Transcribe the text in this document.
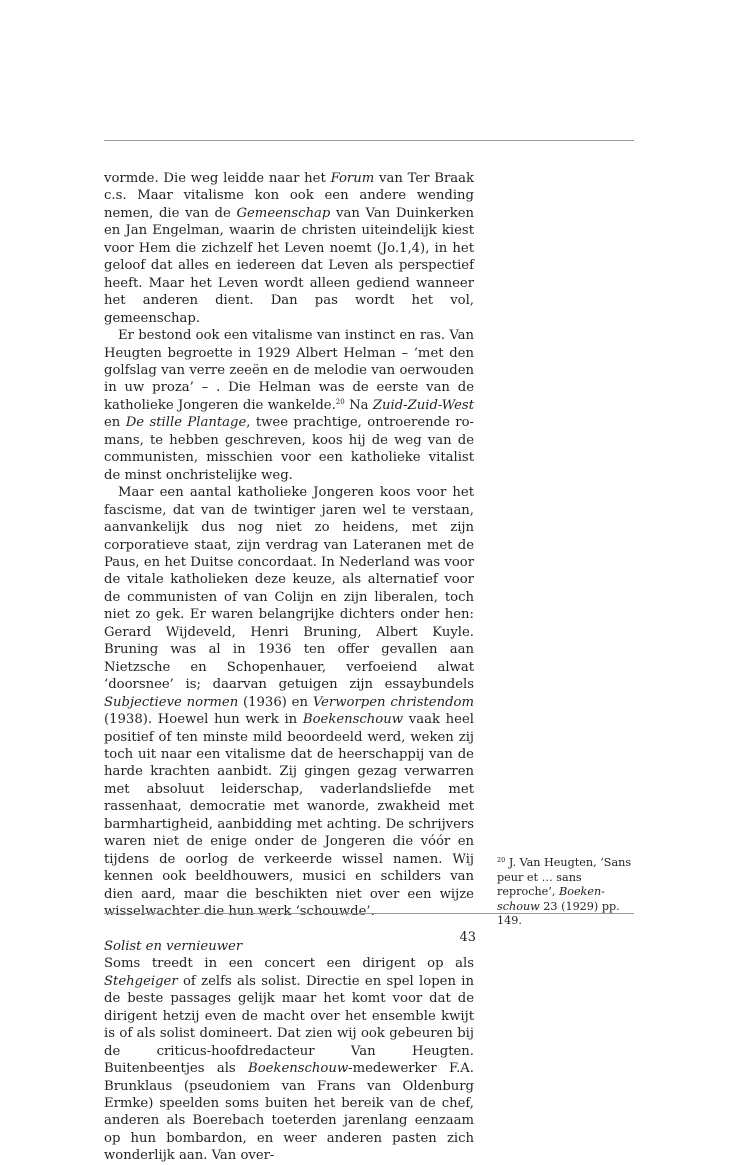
vormde. Die weg leidde naar het Forum van Ter Braak c.s. Maar vitalisme kon ook een andere wending nemen, die van de Gemeenschap van Van Duinkerken en Jan Engelman, waarin de christen uiteindelijk kiest voor Hem die zichzelf het Leven noemt (Jo.1,4), in het geloof dat alles en iedereen dat Leven als perspectief heeft. Maar het Leven wordt alleen gediend wanneer het anderen dient. Dan pas wordt het vol, gemeenschap.

Er bestond ook een vitalisme van instinct en ras. Van Heugten begroette in 1929 Albert Helman – ‘met den golfslag van verre zeeën en de melodie van oerwouden in uw proza’ – . Die Helman was de eerste van de katholieke Jongeren die wankelde.$^{20}$ Na Zuid-Zuid-West en De stille Plantage, twee prachtige, ontroerende romans, te hebben geschreven, koos hij de weg van de communisten, misschien voor een katholieke vitalist de minst onchristelijke weg.

Maar een aantal katholieke Jongeren koos voor het fascisme, dat van de twintiger jaren wel te verstaan, aanvankelijk dus nog niet zo heidens, met zijn corporatieve staat, zijn verdrag van Lateranen met de Paus, en het Duitse concordaat. In Nederland was voor de vitale katholieken deze keuze, als alternatief voor de communisten of van Colijn en zijn liberalen, toch niet zo gek. Er waren belangrijke dichters onder hen: Gerard Wijdeveld, Henri Bruning, Albert Kuyle. Bruning was al in 1936 ten offer gevallen aan Nietzsche en Schopenhauer, verfoeiend alwat ‘doorsnee’ is; daarvan getuigen zijn essaybundels Subjectieve normen (1936) en Verworpen christendom (1938). Hoewel hun werk in Boekenschouw vaak heel positief of ten minste mild beoordeeld werd, weken zij toch uit naar een vitalisme dat de heerschappij van de harde krachten aanbidt. Zij gingen gezag verwarren met absoluut leiderschap, vaderlandsliefde met rassenhaat, democratie met wanorde, zwakheid met barmhartigheid, aanbidding met achting. De schrijvers waren niet de enige onder de Jongeren die vóór en tijdens de oorlog de verkeerde wissel namen. Wij kennen ook beeldhouwers, musici en schilders van dien aard, maar die beschikten niet over een wijze wisselwachter die hun werk ‘schouwde’.

Solist en vernieuwer

Soms treedt in een concert een dirigent op als Stehgeiger of zelfs als solist. Directie en spel lopen in de beste passages gelijk maar het komt voor dat de dirigent hetzij even de macht over het ensemble kwijt is of als solist domineert. Dat zien wij ook gebeuren bij de criticus-hoofdredacteur Van Heugten. Buitenbeentjes als Boekenschouw-medewerker F.A. Brunklaus (pseudoniem van Frans van Oldenburg Ermke) speelden soms buiten het bereik van de chef, anderen als Boerebach toeterden jarenlang eenzaam op hun bombardon, en weer anderen pasten zich wonderlijk aan. Van over-

$^{20}$ J. Van Heugten, ‘Sans peur et … sans reproche’, Boekenschouw 23 (1929) pp. 149.

43
